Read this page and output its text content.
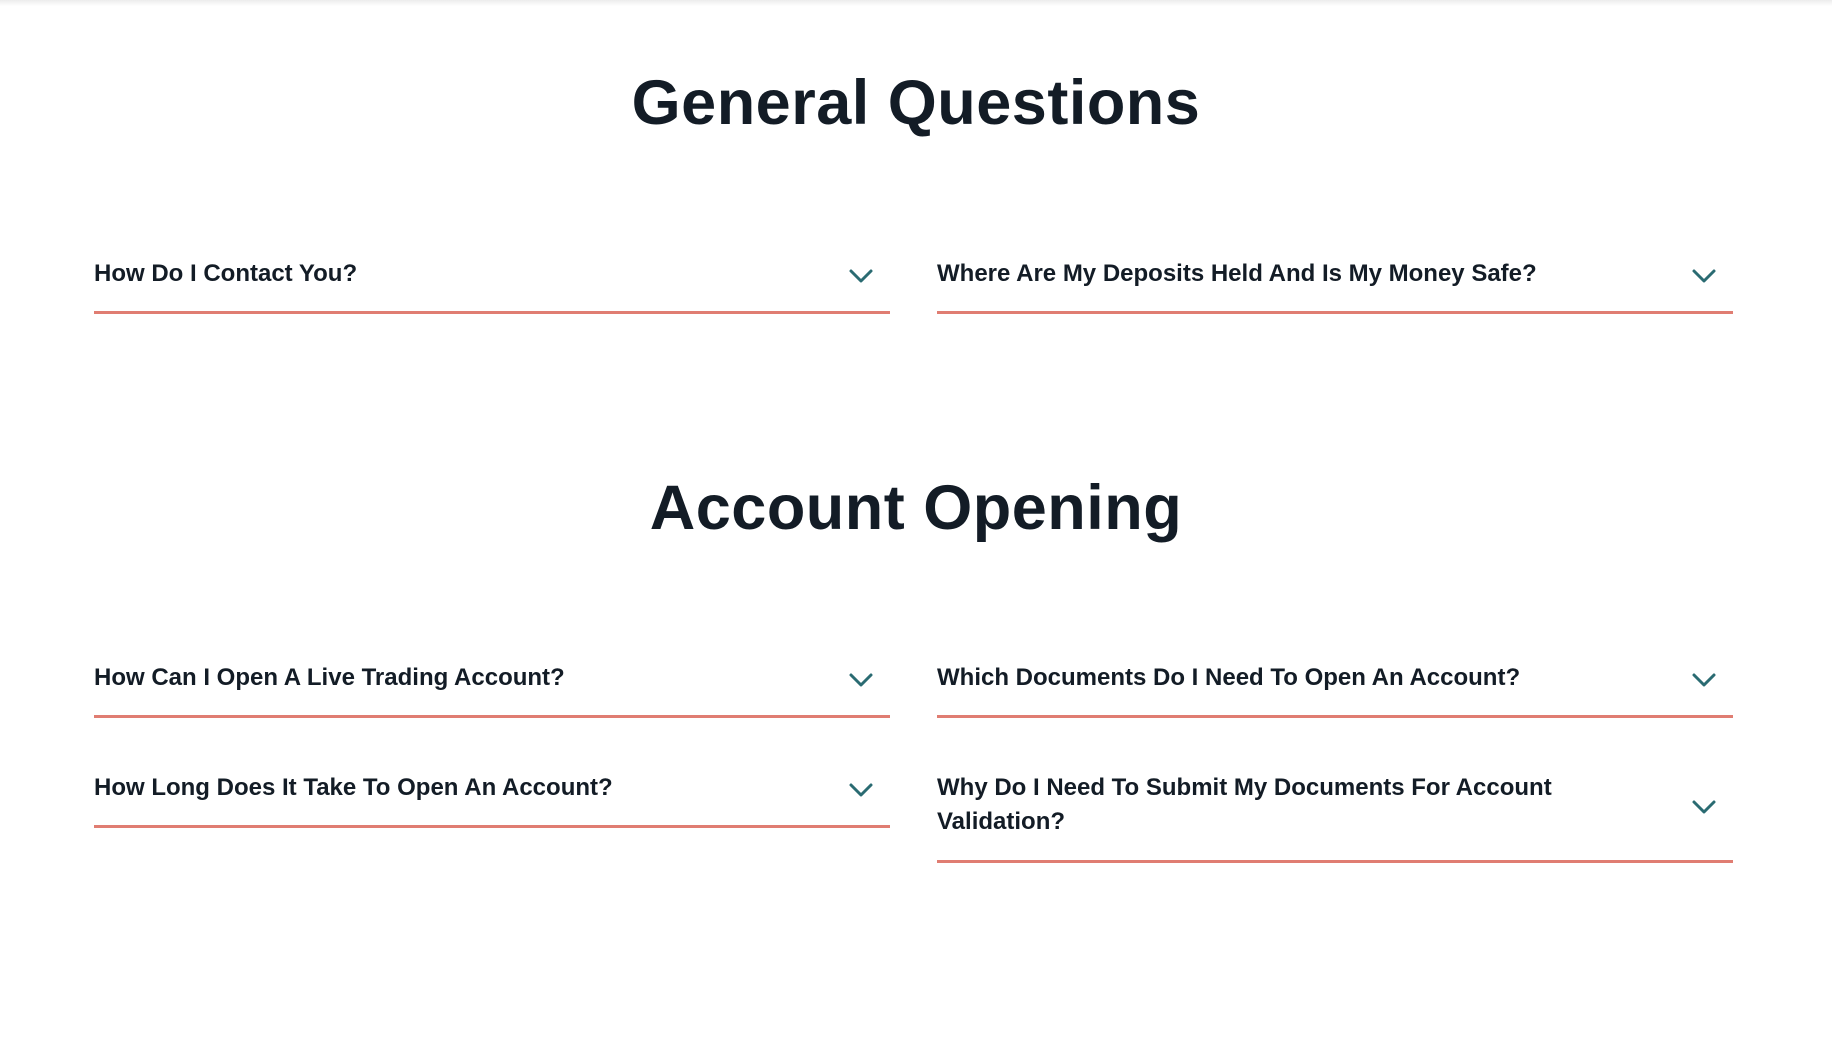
General Questions
How Do I Contact You?	Where Are My Deposits Held And Is My Money Safe?
Account Opening
How Can I Open A Live Trading Account?	Which Documents Do I Need To Open An Account?
How Long Does It Take To Open An Account?	Why Do I Need To Submit My Documents For Account Validation?
